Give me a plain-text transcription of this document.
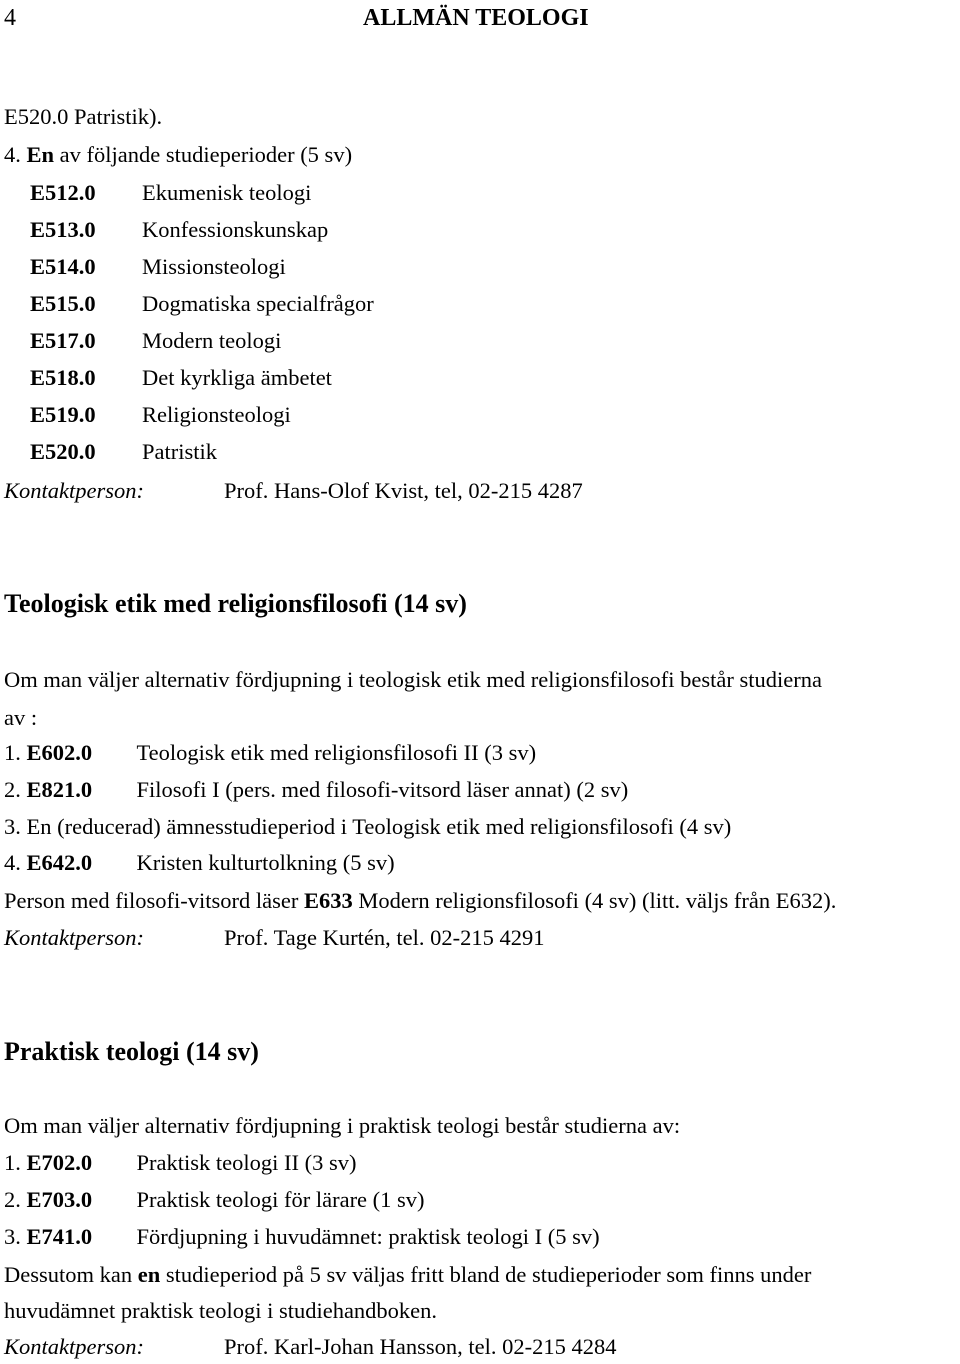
4	ALLMÄN TEOLOGI
E520.0 Patristik).
4. En av följande studieperioder (5 sv)
E512.0 Ekumenisk teologi
E513.0 Konfessionskunskap
E514.0 Missionsteologi
E515.0 Dogmatiska specialfrågor
E517.0 Modern teologi
E518.0 Det kyrkliga ämbetet
E519.0 Religionsteologi
E520.0 Patristik
Kontaktperson:	Prof. Hans-Olof Kvist, tel, 02-215 4287
Teologisk etik med religionsfilosofi (14 sv)
Om man väljer alternativ fördjupning i teologisk etik med religionsfilosofi består studierna
av :
1. E602.0 Teologisk etik med religionsfilosofi II (3 sv)
2. E821.0 Filosofi I (pers. med filosofi-vitsord läser annat) (2 sv)
3. En (reducerad) ämnesstudieperiod i Teologisk etik med religionsfilosofi (4 sv)
4. E642.0 Kristen kulturtolkning (5 sv)
Person med filosofi-vitsord läser E633 Modern religionsfilosofi (4 sv) (litt. väljs från E632).
Kontaktperson:	Prof. Tage Kurtén, tel. 02-215 4291
Praktisk teologi (14 sv)
Om man väljer alternativ fördjupning i praktisk teologi består studierna av:
1. E702.0 Praktisk teologi II (3 sv)
2. E703.0 Praktisk teologi för lärare (1 sv)
3. E741.0 Fördjupning i huvudämnet: praktisk teologi I (5 sv)
Dessutom kan en studieperiod på 5 sv väljas fritt bland de studieperioder som finns under
huvudämnet praktisk teologi i studiehandboken.
Kontaktperson:	Prof. Karl-Johan Hansson, tel. 02-215 4284
